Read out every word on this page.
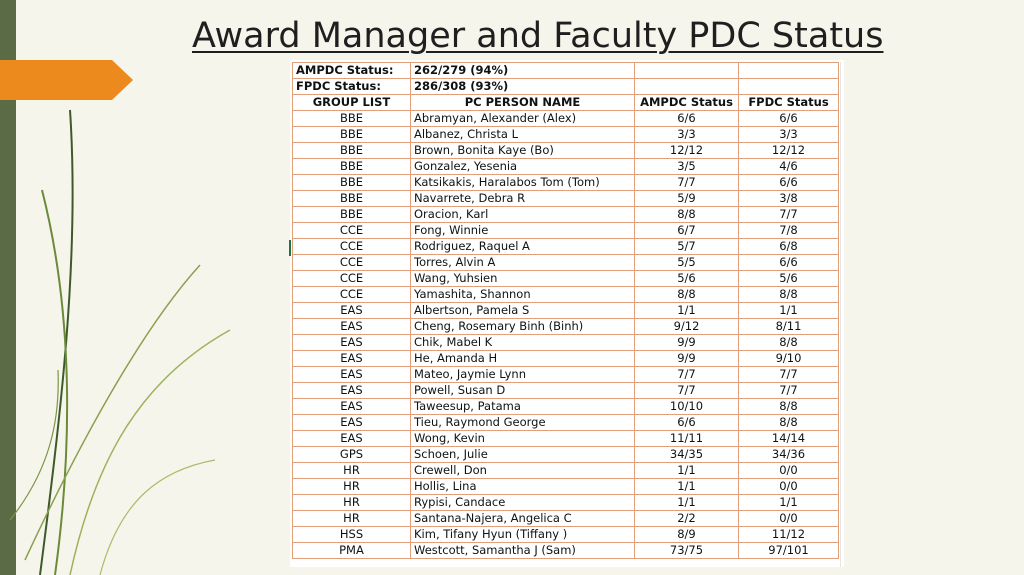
Award Manager and Faculty PDC Status
AMPDC Status:	262/279 (94%)		
FPDC Status:	286/308 (93%)		
GROUP LIST	PC PERSON NAME	AMPDC Status	FPDC Status
BBE	Abramyan, Alexander (Alex)	6/6	6/6
BBE	Albanez, Christa L	3/3	3/3
BBE	Brown, Bonita Kaye (Bo)	12/12	12/12
BBE	Gonzalez, Yesenia	3/5	4/6
BBE	Katsikakis, Haralabos Tom (Tom)	7/7	6/6
BBE	Navarrete, Debra R	5/9	3/8
BBE	Oracion, Karl	8/8	7/7
CCE	Fong, Winnie	6/7	7/8
CCE	Rodriguez, Raquel A	5/7	6/8
CCE	Torres, Alvin A	5/5	6/6
CCE	Wang, Yuhsien	5/6	5/6
CCE	Yamashita, Shannon	8/8	8/8
EAS	Albertson, Pamela S	1/1	1/1
EAS	Cheng, Rosemary Binh (Binh)	9/12	8/11
EAS	Chik, Mabel K	9/9	8/8
EAS	He, Amanda H	9/9	9/10
EAS	Mateo, Jaymie Lynn	7/7	7/7
EAS	Powell, Susan D	7/7	7/7
EAS	Taweesup, Patama	10/10	8/8
EAS	Tieu, Raymond George	6/6	8/8
EAS	Wong, Kevin	11/11	14/14
GPS	Schoen, Julie	34/35	34/36
HR	Crewell, Don	1/1	0/0
HR	Hollis, Lina	1/1	0/0
HR	Rypisi, Candace	1/1	1/1
HR	Santana-Najera, Angelica C	2/2	0/0
HSS	Kim, Tifany Hyun (Tiffany )	8/9	11/12
PMA	Westcott, Samantha J (Sam)	73/75	97/101
